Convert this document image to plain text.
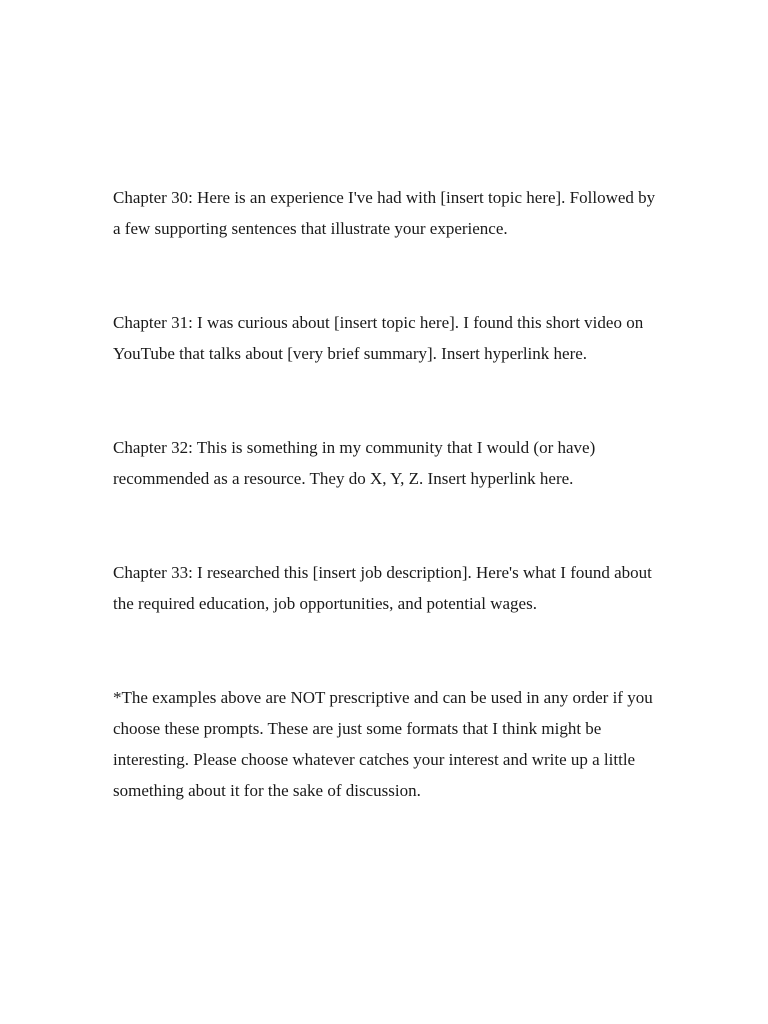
Chapter 30: Here is an experience I've had with [insert topic here]. Followed by a few supporting sentences that illustrate your experience.

Chapter 31: I was curious about [insert topic here]. I found this short video on YouTube that talks about [very brief summary]. Insert hyperlink here.

Chapter 32: This is something in my community that I would (or have) recommended as a resource. They do X, Y, Z. Insert hyperlink here.

Chapter 33: I researched this [insert job description]. Here's what I found about the required education, job opportunities, and potential wages.

*The examples above are NOT prescriptive and can be used in any order if you choose these prompts. These are just some formats that I think might be interesting. Please choose whatever catches your interest and write up a little something about it for the sake of discussion.
